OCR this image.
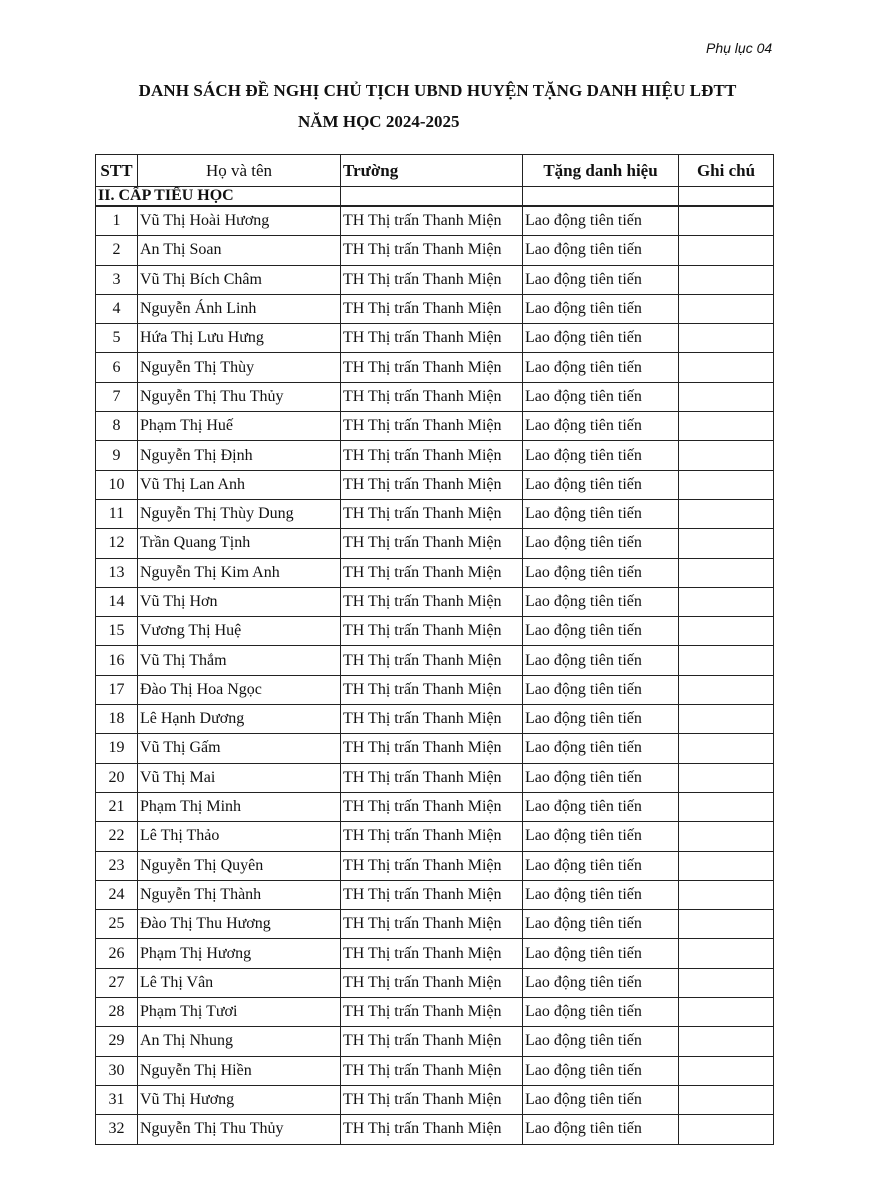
Phụ lục 04
DANH SÁCH ĐỀ NGHỊ CHỦ TỊCH UBND HUYỆN TẶNG DANH HIỆU LĐTT
NĂM HỌC 2024-2025
STT	Họ và tên	Trường	Tặng danh hiệu	Ghi chú
II. CẤP TIỂU HỌC				
1	Vũ Thị Hoài Hương	TH Thị trấn Thanh Miện	Lao động tiên tiến	
2	An Thị Soan	TH Thị trấn Thanh Miện	Lao động tiên tiến	
3	Vũ Thị Bích Châm	TH Thị trấn Thanh Miện	Lao động tiên tiến	
4	Nguyễn Ánh Linh	TH Thị trấn Thanh Miện	Lao động tiên tiến	
5	Hứa Thị Lưu Hưng	TH Thị trấn Thanh Miện	Lao động tiên tiến	
6	Nguyễn Thị Thùy	TH Thị trấn Thanh Miện	Lao động tiên tiến	
7	Nguyễn Thị Thu Thủy	TH Thị trấn Thanh Miện	Lao động tiên tiến	
8	Phạm Thị Huế	TH Thị trấn Thanh Miện	Lao động tiên tiến	
9	Nguyễn Thị Định	TH Thị trấn Thanh Miện	Lao động tiên tiến	
10	Vũ Thị Lan Anh	TH Thị trấn Thanh Miện	Lao động tiên tiến	
11	Nguyễn Thị Thùy Dung	TH Thị trấn Thanh Miện	Lao động tiên tiến	
12	Trần Quang Tịnh	TH Thị trấn Thanh Miện	Lao động tiên tiến	
13	Nguyễn Thị Kim Anh	TH Thị trấn Thanh Miện	Lao động tiên tiến	
14	Vũ Thị Hơn	TH Thị trấn Thanh Miện	Lao động tiên tiến	
15	Vương Thị Huệ	TH Thị trấn Thanh Miện	Lao động tiên tiến	
16	Vũ Thị Thắm	TH Thị trấn Thanh Miện	Lao động tiên tiến	
17	Đào Thị Hoa Ngọc	TH Thị trấn Thanh Miện	Lao động tiên tiến	
18	Lê Hạnh Dương	TH Thị trấn Thanh Miện	Lao động tiên tiến	
19	Vũ Thị Gấm	TH Thị trấn Thanh Miện	Lao động tiên tiến	
20	Vũ Thị Mai	TH Thị trấn Thanh Miện	Lao động tiên tiến	
21	Phạm Thị Minh	TH Thị trấn Thanh Miện	Lao động tiên tiến	
22	Lê Thị Thảo	TH Thị trấn Thanh Miện	Lao động tiên tiến	
23	Nguyễn Thị Quyên	TH Thị trấn Thanh Miện	Lao động tiên tiến	
24	Nguyễn Thị Thành	TH Thị trấn Thanh Miện	Lao động tiên tiến	
25	Đào Thị Thu Hương	TH Thị trấn Thanh Miện	Lao động tiên tiến	
26	Phạm Thị Hương	TH Thị trấn Thanh Miện	Lao động tiên tiến	
27	Lê Thị Vân	TH Thị trấn Thanh Miện	Lao động tiên tiến	
28	Phạm Thị Tươi	TH Thị trấn Thanh Miện	Lao động tiên tiến	
29	An Thị Nhung	TH Thị trấn Thanh Miện	Lao động tiên tiến	
30	Nguyễn Thị Hiền	TH Thị trấn Thanh Miện	Lao động tiên tiến	
31	Vũ Thị Hương	TH Thị trấn Thanh Miện	Lao động tiên tiến	
32	Nguyễn Thị Thu Thủy	TH Thị trấn Thanh Miện	Lao động tiên tiến	
